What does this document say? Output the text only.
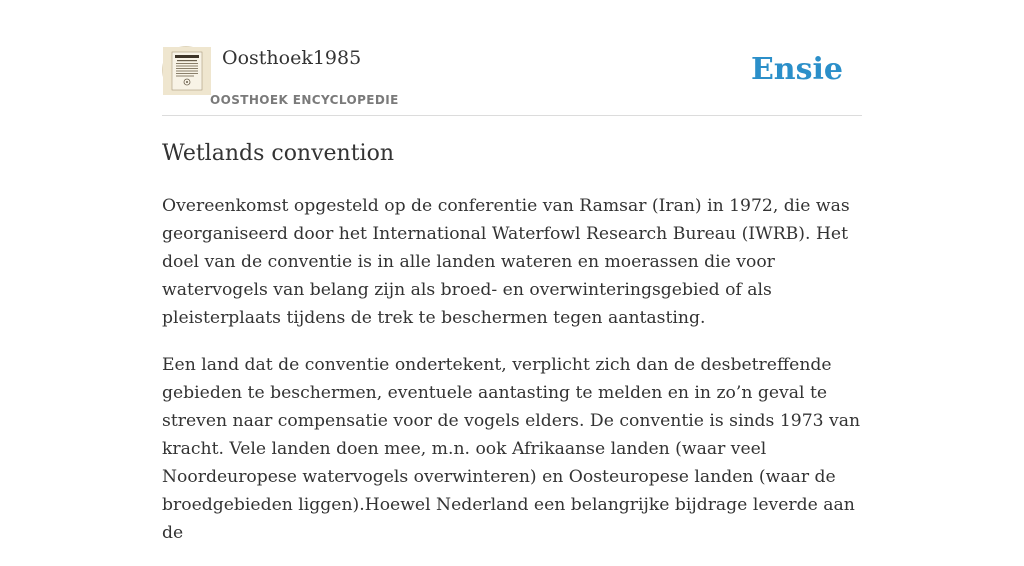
Oosthoek1985
OOSTHOEK ENCYCLOPEDIE
Ensie
Wetlands convention

Overeenkomst opgesteld op de conferentie van Ramsar (Iran) in 1972, die was georganiseerd door het International Waterfowl Research Bureau (IWRB). Het doel van de conventie is in alle landen wateren en moerassen die voor watervogels van belang zijn als broed- en overwinteringsgebied of als pleisterplaats tijdens de trek te beschermen tegen aantasting.

Een land dat de conventie ondertekent, verplicht zich dan de desbetreffende gebieden te beschermen, eventuele aantasting te melden en in zo’n geval te streven naar compensatie voor de vogels elders. De conventie is sinds 1973 van kracht. Vele landen doen mee, m.n. ook Afrikaanse landen (waar veel Noordeuropese watervogels overwinteren) en Oosteuropese landen (waar de broedgebieden liggen).Hoewel Nederland een belangrijke bijdrage leverde aan de
